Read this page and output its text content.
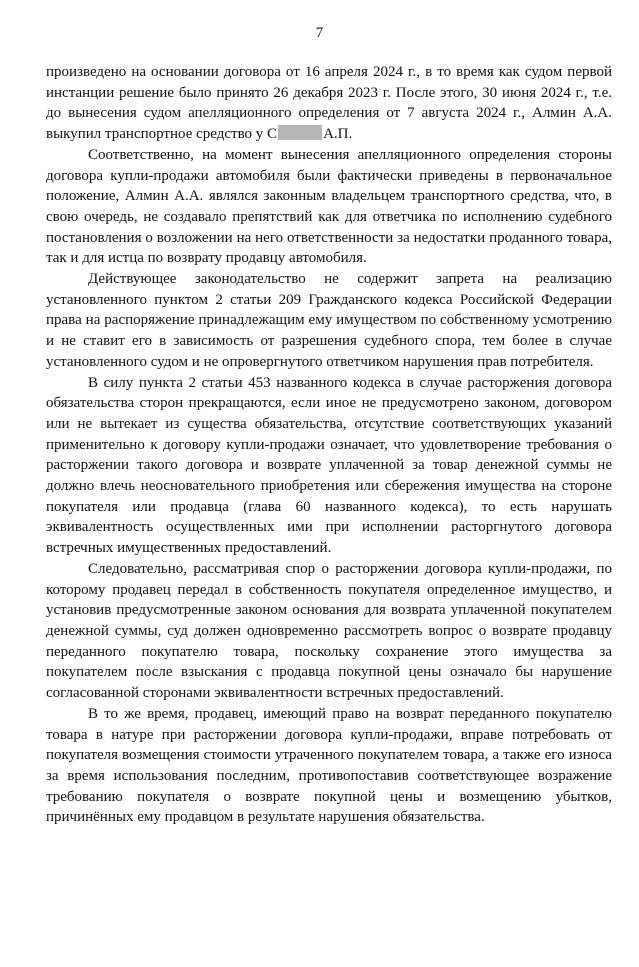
7

произведено на основании договора от 16 апреля 2024 г., в то время как судом первой инстанции решение было принято 26 декабря 2023 г. После этого, 30 июня 2024 г., т.е. до вынесения судом апелляционного определения от 7 августа 2024 г., Алмин А.А. выкупил транспортное средство у С	А.П.

Соответственно, на момент вынесения апелляционного определения стороны договора купли-продажи автомобиля были фактически приведены в первоначальное положение, Алмин А.А. являлся законным владельцем транспортного средства, что, в свою очередь, не создавало препятствий как для ответчика по исполнению судебного постановления о возложении на него ответственности за недостатки проданного товара, так и для истца по возврату продавцу автомобиля.

Действующее законодательство не содержит запрета на реализацию установленного пунктом 2 статьи 209 Гражданского кодекса Российской Федерации права на распоряжение принадлежащим ему имуществом по собственному усмотрению и не ставит его в зависимость от разрешения судебного спора, тем более в случае установленного судом и не опровергнутого ответчиком нарушения прав потребителя.

В силу пункта 2 статьи 453 названного кодекса в случае расторжения договора обязательства сторон прекращаются, если иное не предусмотрено законом, договором или не вытекает из существа обязательства, отсутствие соответствующих указаний применительно к договору купли-продажи означает, что удовлетворение требования о расторжении такого договора и возврате уплаченной за товар денежной суммы не должно влечь неосновательного приобретения или сбережения имущества на стороне покупателя или продавца (глава 60 названного кодекса), то есть нарушать эквивалентность осуществленных ими при исполнении расторгнутого договора встречных имущественных предоставлений.

Следовательно, рассматривая спор о расторжении договора купли-продажи, по которому продавец передал в собственность покупателя определенное имущество, и установив предусмотренные законом основания для возврата уплаченной покупателем денежной суммы, суд должен одновременно рассмотреть вопрос о возврате продавцу переданного покупателю товара, поскольку сохранение этого имущества за покупателем после взыскания с продавца покупной цены означало бы нарушение согласованной сторонами эквивалентности встречных предоставлений.

В то же время, продавец, имеющий право на возврат переданного покупателю товара в натуре при расторжении договора купли-продажи, вправе потребовать от покупателя возмещения стоимости утраченного покупателем товара, а также его износа за время использования последним, противопоставив соответствующее возражение требованию покупателя о возврате покупной цены и возмещению убытков, причинённых ему продавцом в результате нарушения обязательства.
